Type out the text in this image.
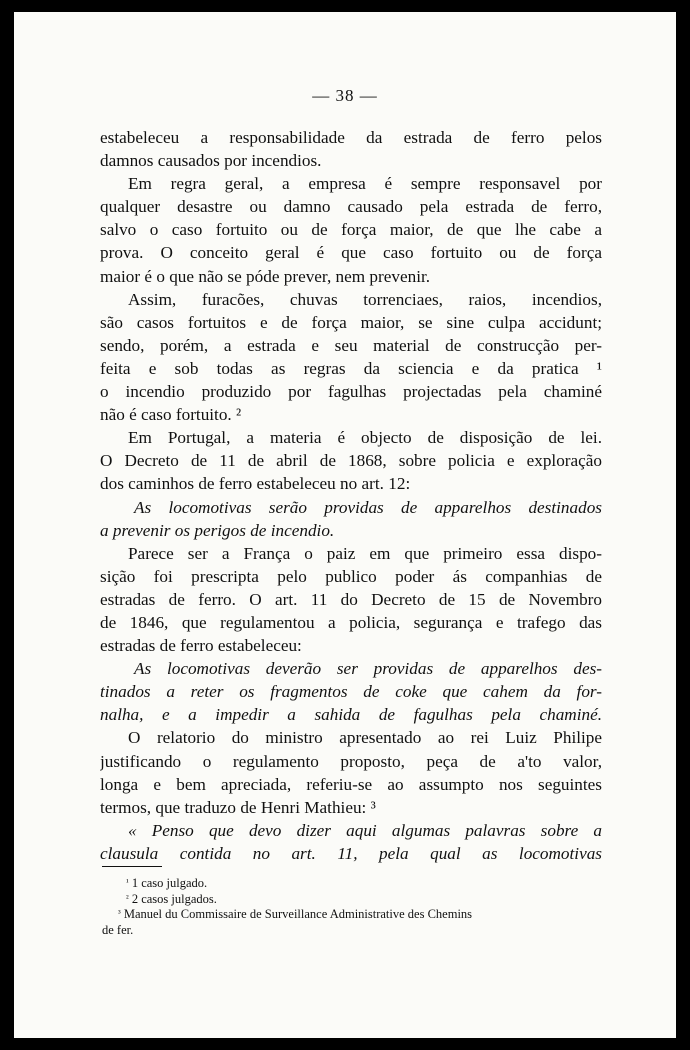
— 38 —
estabeleceu a responsabilidade da estrada de ferro pelos
damnos causados por incendios.
Em regra geral, a empresa é sempre responsavel por
qualquer desastre ou damno causado pela estrada de ferro,
salvo o caso fortuito ou de força maior, de que lhe cabe a
prova. O conceito geral é que caso fortuito ou de força
maior é o que não se póde prever, nem prevenir.
Assim, furacões, chuvas torrenciaes, raios, incendios,
são casos fortuitos e de força maior, se sine culpa accidunt;
sendo, porém, a estrada e seu material de construcção per-
feita e sob todas as regras da sciencia e da pratica ¹
o incendio produzido por fagulhas projectadas pela chaminé
não é caso fortuito. ²
Em Portugal, a materia é objecto de disposição de lei.
O Decreto de 11 de abril de 1868, sobre policia e exploração
dos caminhos de ferro estabeleceu no art. 12:
As locomotivas serão providas de apparelhos destinados
a prevenir os perigos de incendio.
Parece ser a França o paiz em que primeiro essa dispo-
sição foi prescripta pelo publico poder ás companhias de
estradas de ferro. O art. 11 do Decreto de 15 de Novembro
de 1846, que regulamentou a policia, segurança e trafego das
estradas de ferro estabeleceu:
As locomotivas deverão ser providas de apparelhos des-
tinados a reter os fragmentos de coke que cahem da for-
nalha, e a impedir a sahida de fagulhas pela chaminé.
O relatorio do ministro apresentado ao rei Luiz Philipe
justificando o regulamento proposto, peça de a'to valor,
longa e bem apreciada, referiu-se ao assumpto nos seguintes
termos, que traduzo de Henri Mathieu: ³
« Penso que devo dizer aqui algumas palavras sobre a
clausula contida no art. 11, pela qual as locomotivas
$^{^1}$ 1 caso julgado.
$^{^2}$ 2 casos julgados.
$^{^3}$ Manuel du Commissaire de Surveillance Administrative des Chemins
de fer.
